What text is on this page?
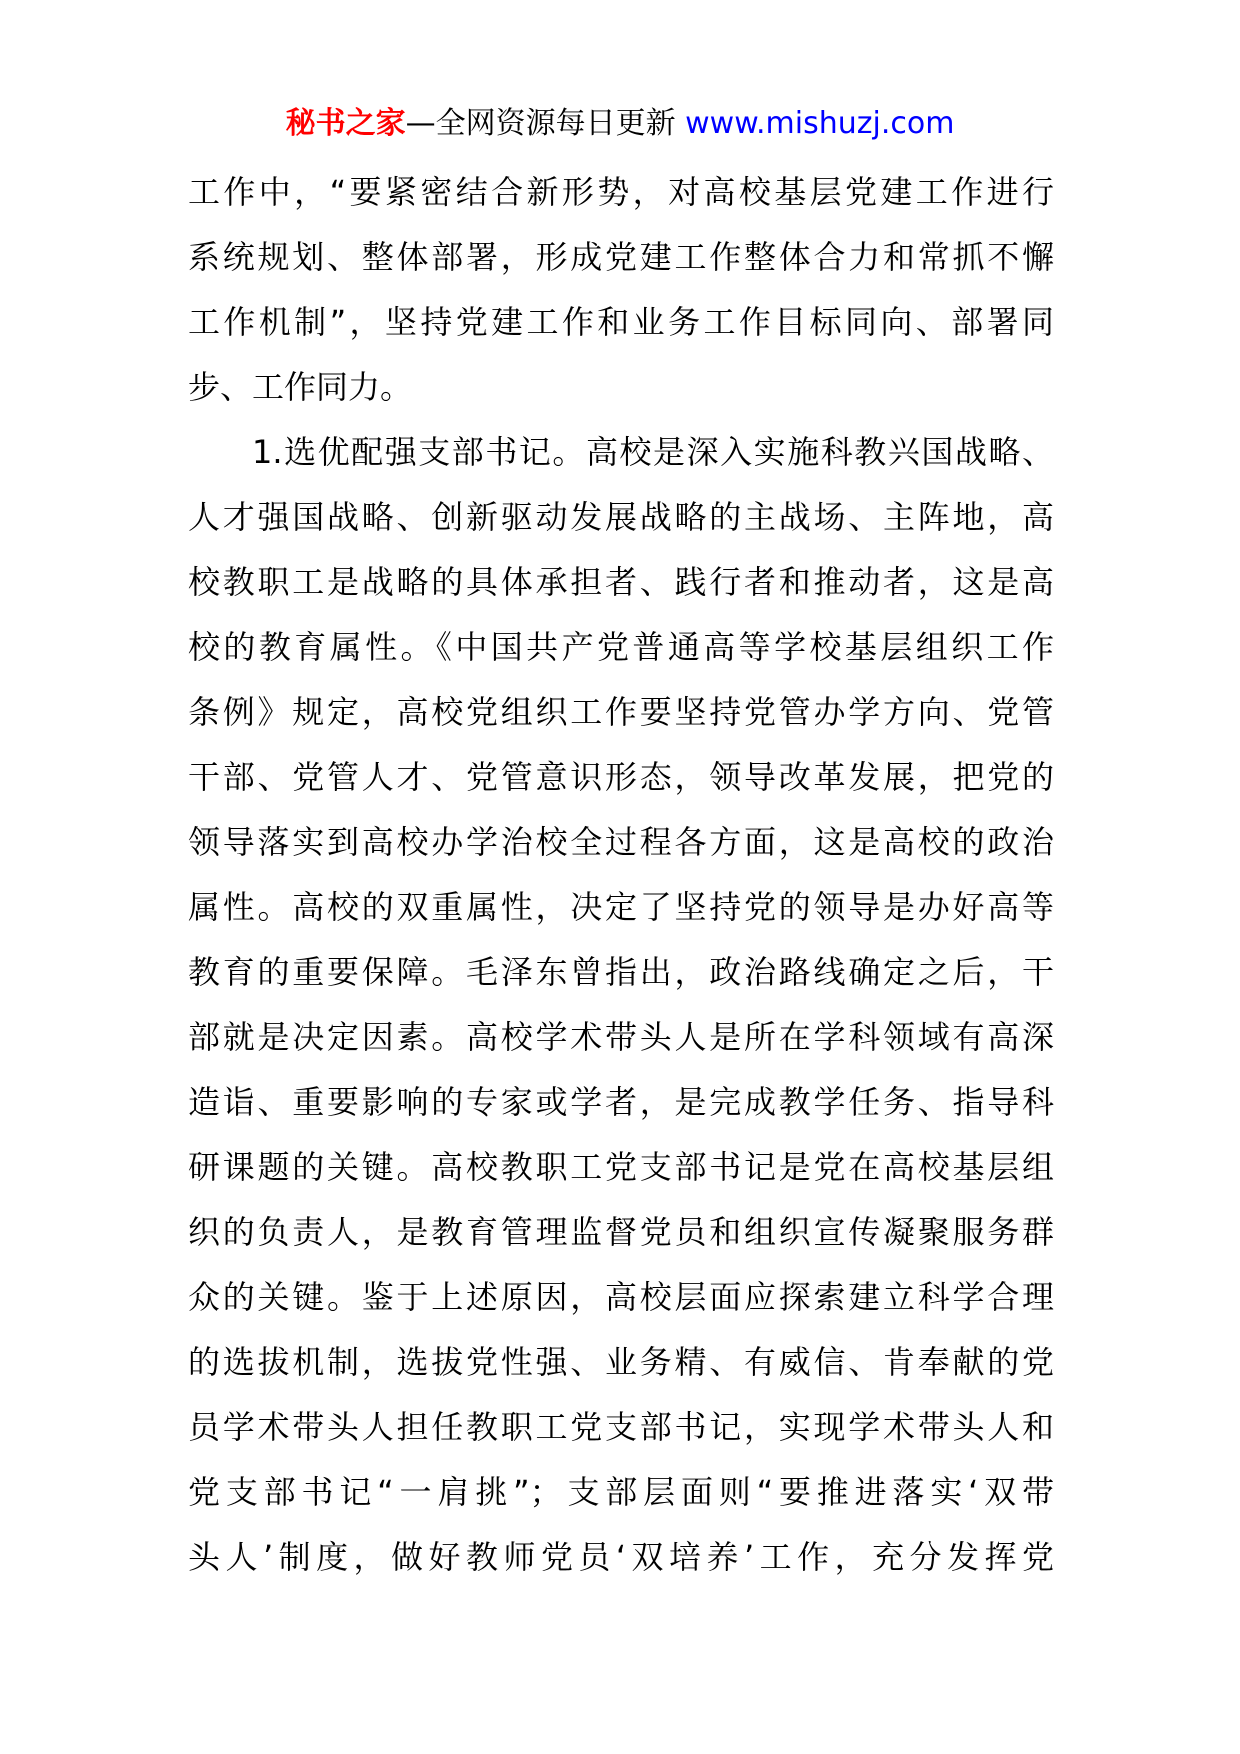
秘书之家—全网资源每日更新 www.mishuzj.com
工作中，“要紧密结合新形势，对高校基层党建工作进行
系统规划、整体部署，形成党建工作整体合力和常抓不懈
工作机制”，坚持党建工作和业务工作目标同向、部署同
步、工作同力。
1.选优配强支部书记。高校是深入实施科教兴国战略、
人才强国战略、创新驱动发展战略的主战场、主阵地，高
校教职工是战略的具体承担者、践行者和推动者，这是高
校的教育属性。《中国共产党普通高等学校基层组织工作
条例》规定，高校党组织工作要坚持党管办学方向、党管
干部、党管人才、党管意识形态，领导改革发展，把党的
领导落实到高校办学治校全过程各方面，这是高校的政治
属性。高校的双重属性，决定了坚持党的领导是办好高等
教育的重要保障。毛泽东曾指出，政治路线确定之后，干
部就是决定因素。高校学术带头人是所在学科领域有高深
造诣、重要影响的专家或学者，是完成教学任务、指导科
研课题的关键。高校教职工党支部书记是党在高校基层组
织的负责人，是教育管理监督党员和组织宣传凝聚服务群
众的关键。鉴于上述原因，高校层面应探索建立科学合理
的选拔机制，选拔党性强、业务精、有威信、肯奉献的党
员学术带头人担任教职工党支部书记，实现学术带头人和
党支部书记“一肩挑”；支部层面则“要推进落实‘双带
头人’制度，做好教师党员‘双培养’工作，充分发挥党
